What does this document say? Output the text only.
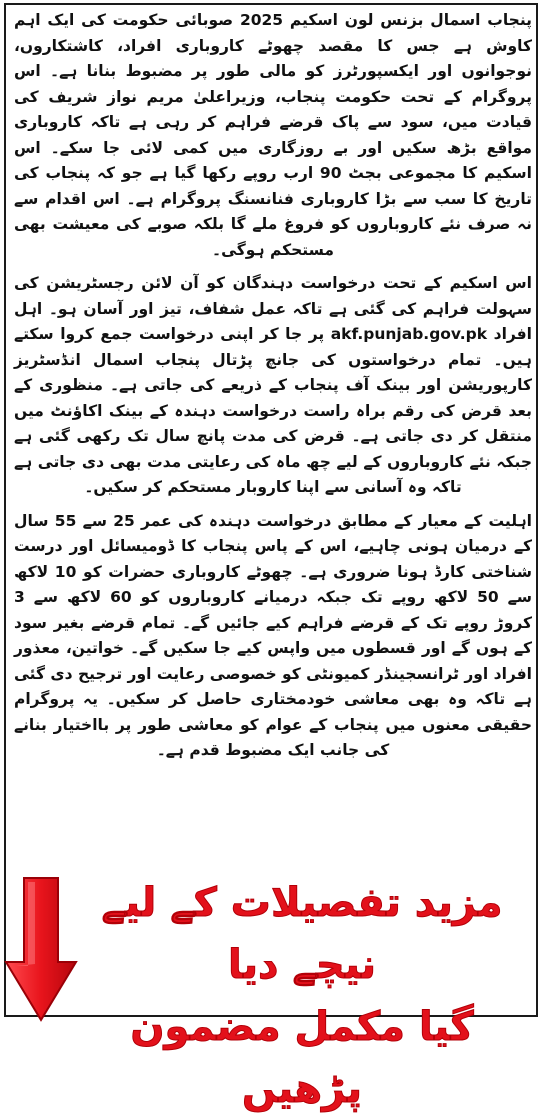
پنجاب اسمال بزنس لون اسکیم 2025 صوبائی حکومت کی ایک اہم کاوش ہے جس کا مقصد چھوٹے کاروباری افراد، کاشتکاروں، نوجوانوں اور ایکسپورٹرز کو مالی طور پر مضبوط بنانا ہے۔ اس پروگرام کے تحت حکومت پنجاب، وزیراعلیٰ مریم نواز شریف کی قیادت میں، سود سے پاک قرضے فراہم کر رہی ہے تاکہ کاروباری مواقع بڑھ سکیں اور بے روزگاری میں کمی لائی جا سکے۔ اس اسکیم کا مجموعی بجٹ 90 ارب روپے رکھا گیا ہے جو کہ پنجاب کی تاریخ کا سب سے بڑا کاروباری فنانسنگ پروگرام ہے۔ اس اقدام سے نہ صرف نئے کاروباروں کو فروغ ملے گا بلکہ صوبے کی معیشت بھی مستحکم ہوگی۔

اس اسکیم کے تحت درخواست دہندگان کو آن لائن رجسٹریشن کی سہولت فراہم کی گئی ہے تاکہ عمل شفاف، تیز اور آسان ہو۔ اہل افراد akf.punjab.gov.pk پر جا کر اپنی درخواست جمع کروا سکتے ہیں۔ تمام درخواستوں کی جانچ پڑتال پنجاب اسمال انڈسٹریز کارپوریشن اور بینک آف پنجاب کے ذریعے کی جاتی ہے۔ منظوری کے بعد قرض کی رقم براہ راست درخواست دہندہ کے بینک اکاؤنٹ میں منتقل کر دی جاتی ہے۔ قرض کی مدت پانچ سال تک رکھی گئی ہے جبکہ نئے کاروباروں کے لیے چھ ماہ کی رعایتی مدت بھی دی جاتی ہے تاکہ وہ آسانی سے اپنا کاروبار مستحکم کر سکیں۔

اہلیت کے معیار کے مطابق درخواست دہندہ کی عمر 25 سے 55 سال کے درمیان ہونی چاہیے، اس کے پاس پنجاب کا ڈومیسائل اور درست شناختی کارڈ ہونا ضروری ہے۔ چھوٹے کاروباری حضرات کو 10 لاکھ سے 50 لاکھ روپے تک جبکہ درمیانے کاروباروں کو 60 لاکھ سے 3 کروڑ روپے تک کے قرضے فراہم کیے جائیں گے۔ تمام قرضے بغیر سود کے ہوں گے اور قسطوں میں واپس کیے جا سکیں گے۔ خواتین، معذور افراد اور ٹرانسجینڈر کمیونٹی کو خصوصی رعایت اور ترجیح دی گئی ہے تاکہ وہ بھی معاشی خودمختاری حاصل کر سکیں۔ یہ پروگرام حقیقی معنوں میں پنجاب کے عوام کو معاشی طور پر بااختیار بنانے کی جانب ایک مضبوط قدم ہے۔

مزید تفصیلات کے لیے نیچے دیا
گیا مکمل مضمون پڑھیں
